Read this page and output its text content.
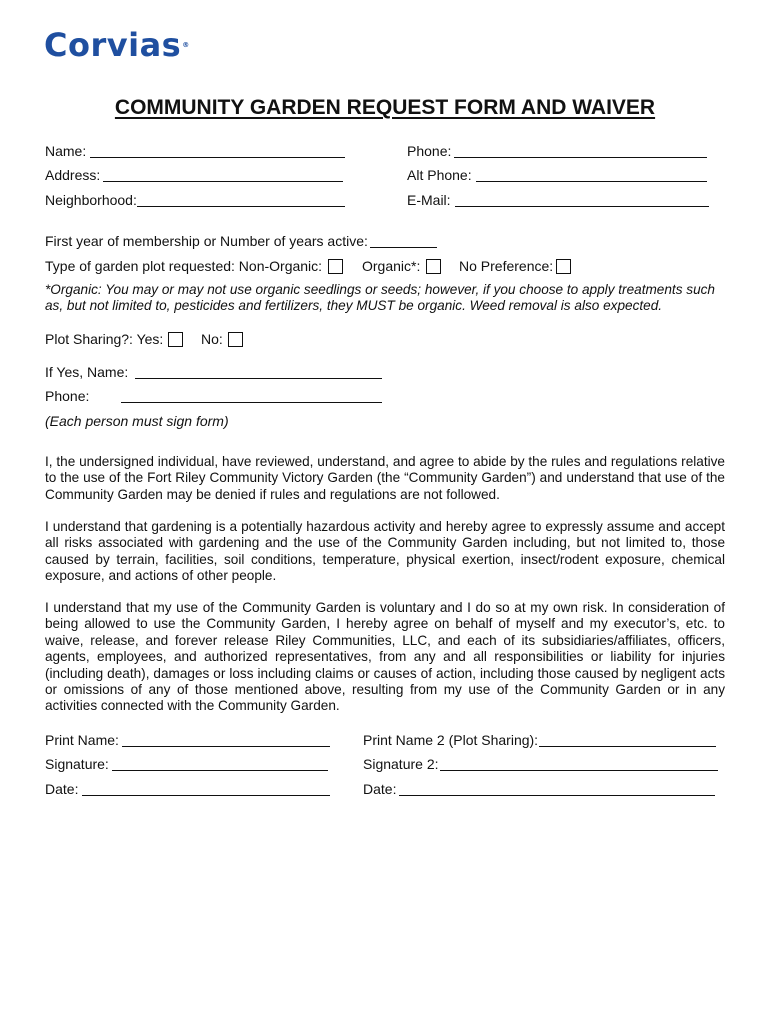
Corvias®
COMMUNITY GARDEN REQUEST FORM AND WAIVER
Name:	Phone:
Address:	Alt Phone:
Neighborhood:	E-Mail:
First year of membership or Number of years active:
Type of garden plot requested: Non-Organic:	Organic*:	No Preference:
*Organic: You may or may not use organic seedlings or seeds; however, if you choose to apply treatments such as, but not limited to, pesticides and fertilizers, they MUST be organic. Weed removal is also expected.
Plot Sharing?: Yes:	No:
If Yes, Name:
Phone:
(Each person must sign form)
I, the undersigned individual, have reviewed, understand, and agree to abide by the rules and regulations relative to the use of the Fort Riley Community Victory Garden (the “Community Garden”) and understand that use of the Community Garden may be denied if rules and regulations are not followed.
I understand that gardening is a potentially hazardous activity and hereby agree to expressly assume and accept all risks associated with gardening and the use of the Community Garden including, but not limited to, those caused by terrain, facilities, soil conditions, temperature, physical exertion, insect/rodent exposure, chemical exposure, and actions of other people.
I understand that my use of the Community Garden is voluntary and I do so at my own risk. In consideration of being allowed to use the Community Garden, I hereby agree on behalf of myself and my executor’s, etc. to waive, release, and forever release Riley Communities, LLC, and each of its subsidiaries/affiliates, officers, agents, employees, and authorized representatives, from any and all responsibilities or liability for injuries (including death), damages or loss including claims or causes of action, including those caused by negligent acts or omissions of any of those mentioned above, resulting from my use of the Community Garden or in any activities connected with the Community Garden.
Print Name:	Print Name 2 (Plot Sharing):
Signature:	Signature 2:
Date:	Date:
